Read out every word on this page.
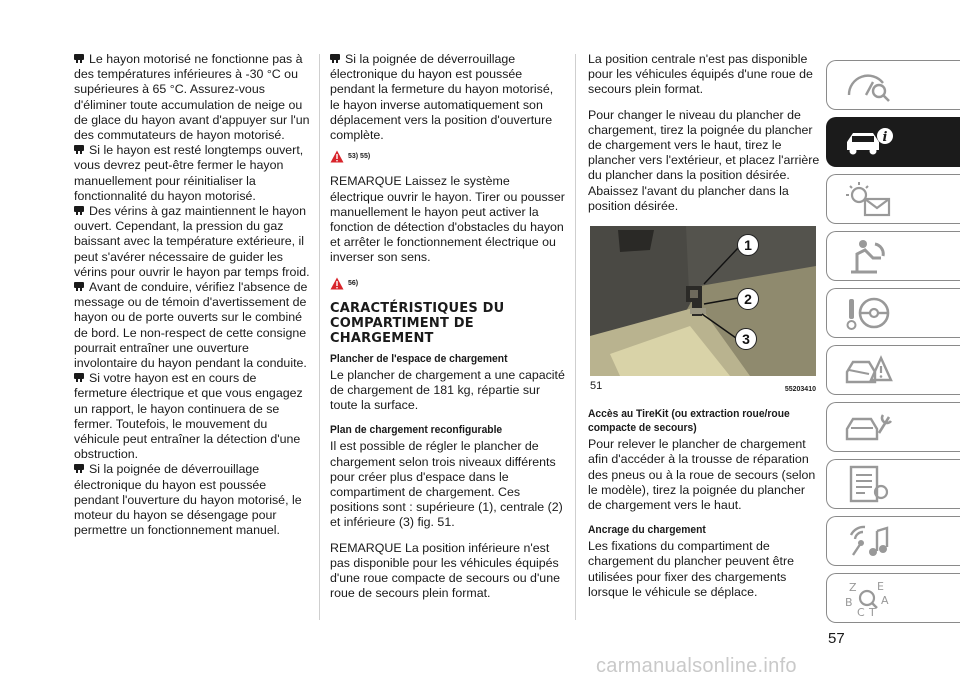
Le hayon motorisé ne fonctionne pas à des températures inférieures à -30 °C ou supérieures à 65 °C. Assurez-vous d'éliminer toute accumulation de neige ou de glace du hayon avant d'appuyer sur l'un des commutateurs de hayon motorisé.

Si le hayon est resté longtemps ouvert, vous devrez peut-être fermer le hayon manuellement pour réinitialiser la fonctionnalité du hayon motorisé.

Des vérins à gaz maintiennent le hayon ouvert. Cependant, la pression du gaz baissant avec la température extérieure, il peut s'avérer nécessaire de guider les vérins pour ouvrir le hayon par temps froid.

Avant de conduire, vérifiez l'absence de message ou de témoin d'avertissement de hayon ou de porte ouverts sur le combiné de bord. Le non-respect de cette consigne pourrait entraîner une ouverture involontaire du hayon pendant la conduite.

Si votre hayon est en cours de fermeture électrique et que vous engagez un rapport, le hayon continuera de se fermer. Toutefois, le mouvement du véhicule peut entraîner la détection d'une obstruction.

Si la poignée de déverrouillage électronique du hayon est poussée pendant l'ouverture du hayon motorisé, le moteur du hayon se désengage pour permettre un fonctionnement manuel.

Si la poignée de déverrouillage électronique du hayon est poussée pendant la fermeture du hayon motorisé, le hayon inverse automatiquement son déplacement vers la position d'ouverture complète.

53) 55)

REMARQUE Laissez le système électrique ouvrir le hayon. Tirer ou pousser manuellement le hayon peut activer la fonction de détection d'obstacles du hayon et arrêter le fonctionnement électrique ou inverser son sens.

56)
CARACTÉRISTIQUES DU COMPARTIMENT DE CHARGEMENT
Plancher de l'espace de chargement

Le plancher de chargement a une capacité de chargement de 181 kg, répartie sur toute la surface.

Plan de chargement reconfigurable

Il est possible de régler le plancher de chargement selon trois niveaux différents pour créer plus d'espace dans le compartiment de chargement. Ces positions sont : supérieure (1), centrale (2) et inférieure (3) fig. 51.

REMARQUE La position inférieure n'est pas disponible pour les véhicules équipés d'une roue compacte de secours ou d'une roue de secours plein format.

La position centrale n'est pas disponible pour les véhicules équipés d'une roue de secours plein format.

Pour changer le niveau du plancher de chargement, tirez la poignée du plancher de chargement vers le haut, tirez le plancher vers l'extérieur, et placez l'arrière du plancher dans la position désirée. Abaissez l'avant du plancher dans la position désirée.

1
2
3
51	55203410
Accès au TireKit (ou extraction roue/roue compacte de secours)

Pour relever le plancher de chargement afin d'accéder à la trousse de réparation des pneus ou à la roue de secours (selon le modèle), tirez la poignée du plancher de chargement vers le haut.

Ancrage du chargement

Les fixations du compartiment de chargement du plancher peuvent être utilisées pour fixer des chargements lorsque le véhicule se déplace.

i
Z E
B	A
C T
57
carmanualsonline.info
